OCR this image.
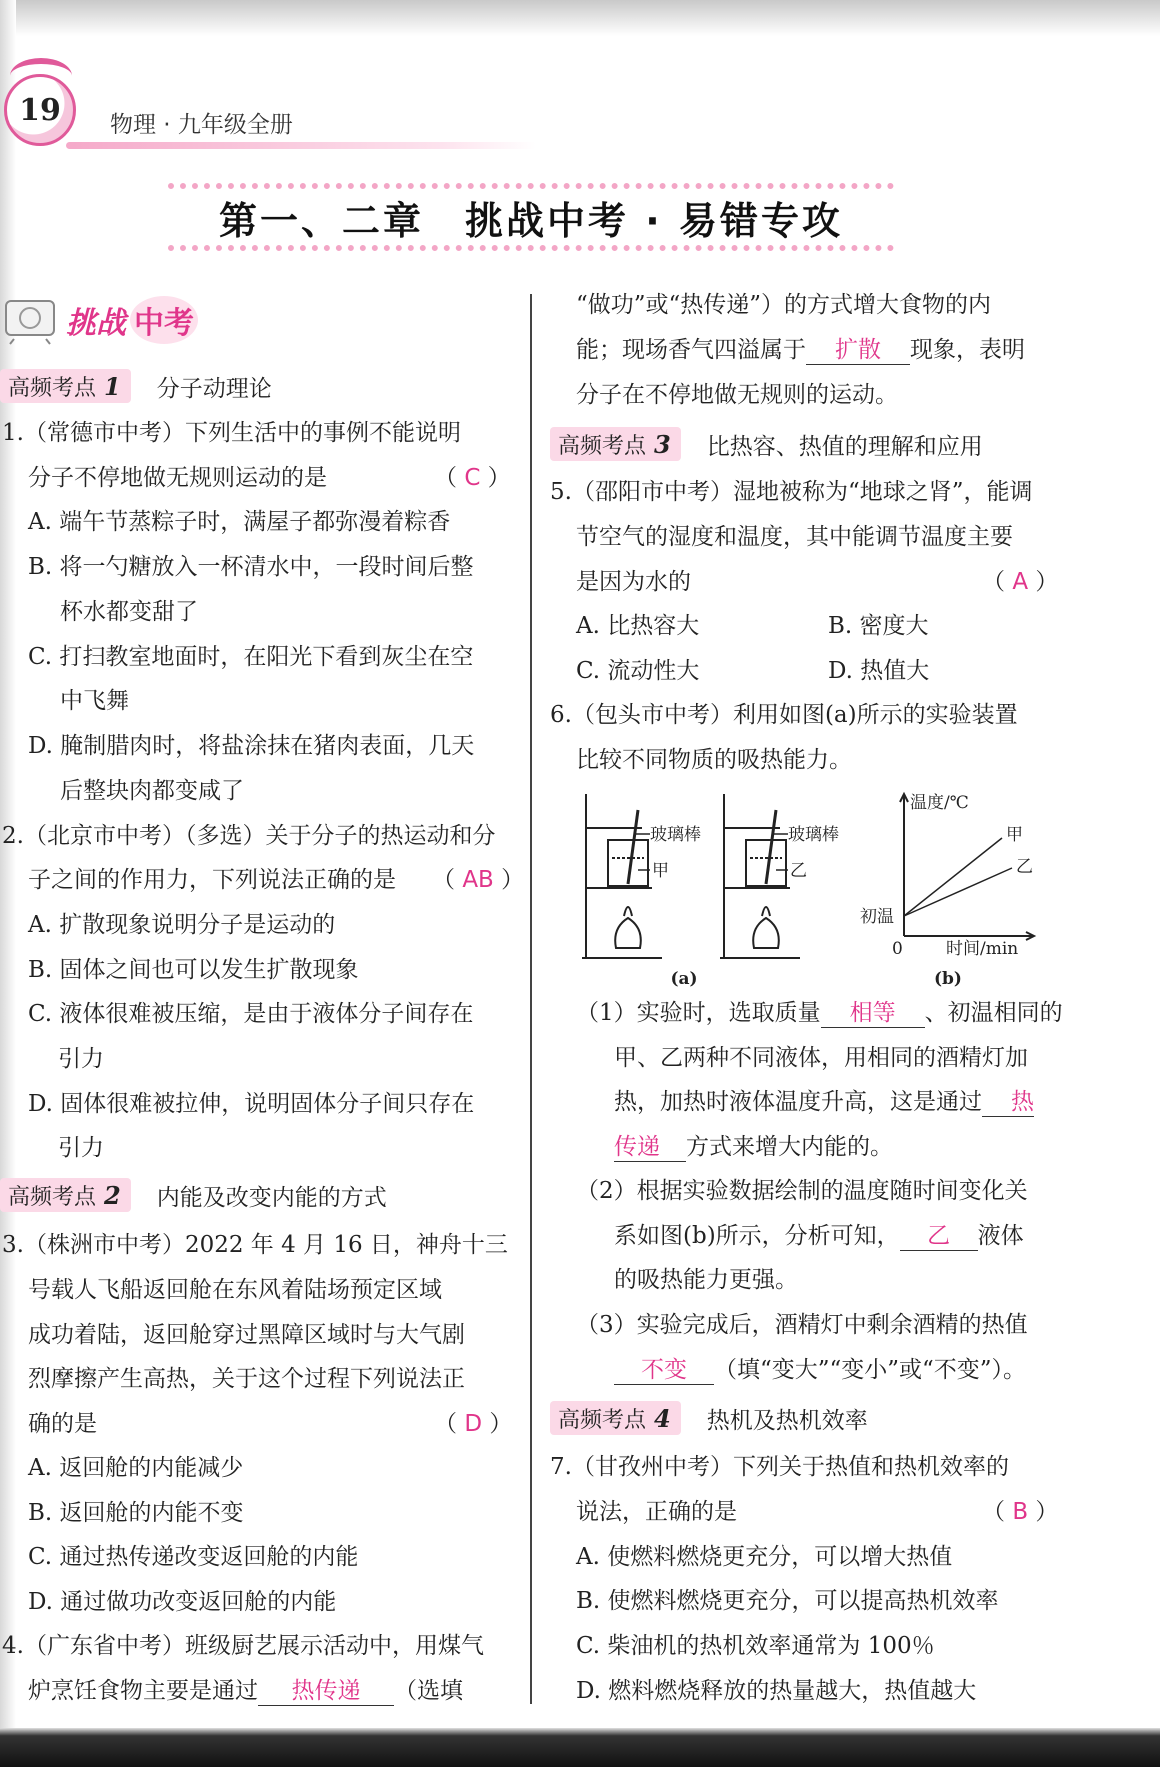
19	物理 · 九年级全册
第一、二章　挑战中考 · 易错专攻
挑战 中考
高频考点 1 分子动理论
1.（常德市中考）下列生活中的事例不能说明
分子不停地做无规则运动的是	（ C ）
A. 端午节蒸粽子时，满屋子都弥漫着粽香
B. 将一勺糖放入一杯清水中，一段时间后整
杯水都变甜了
C. 打扫教室地面时，在阳光下看到灰尘在空
中飞舞
D. 腌制腊肉时，将盐涂抹在猪肉表面，几天
后整块肉都变咸了
2.（北京市中考）（多选）关于分子的热运动和分
子之间的作用力，下列说法正确的是 （ AB ）
A. 扩散现象说明分子是运动的
B. 固体之间也可以发生扩散现象
C. 液体很难被压缩，是由于液体分子间存在
引力
D. 固体很难被拉伸，说明固体分子间只存在
引力
高频考点 2 内能及改变内能的方式
3.（株洲市中考）2022 年 4 月 16 日，神舟十三
号载人飞船返回舱在东风着陆场预定区域
成功着陆，返回舱穿过黑障区域时与大气剧
烈摩擦产生高热，关于这个过程下列说法正
确的是	（ D ）
A. 返回舱的内能减少
B. 返回舱的内能不变
C. 通过热传递改变返回舱的内能
D. 通过做功改变返回舱的内能
4.（广东省中考）班级厨艺展示活动中，用煤气
炉烹饪食物主要是通过 热传递 （选填
“做功”或“热传递”）的方式增大食物的内
能；现场香气四溢属于 扩散 现象，表明
分子在不停地做无规则的运动。
高频考点 3 比热容、热值的理解和应用
5.（邵阳市中考）湿地被称为“地球之肾”，能调
节空气的湿度和温度，其中能调节温度主要
是因为水的	（ A ）
A. 比热容大	B. 密度大
C. 流动性大	D. 热值大
6.（包头市中考）利用如图(a)所示的实验装置
比较不同物质的吸热能力。
玻璃棒
甲
玻璃棒
乙
(a)
温度/℃
甲
乙
初温
0	时间/min
(b)
（1）实验时，选取质量 相等 、初温相同的
甲、乙两种不同液体，用相同的酒精灯加
热，加热时液体温度升高，这是通过 热
传递 方式来增大内能的。
（2）根据实验数据绘制的温度随时间变化关
系如图(b)所示，分析可知， 乙 液体
的吸热能力更强。
（3）实验完成后，酒精灯中剩余酒精的热值
不变 （填“变大”“变小”或“不变”）。
高频考点 4 热机及热机效率
7.（甘孜州中考）下列关于热值和热机效率的
说法，正确的是	（ B ）
A. 使燃料燃烧更充分，可以增大热值
B. 使燃料燃烧更充分，可以提高热机效率
C. 柴油机的热机效率通常为 100％
D. 燃料燃烧释放的热量越大，热值越大
